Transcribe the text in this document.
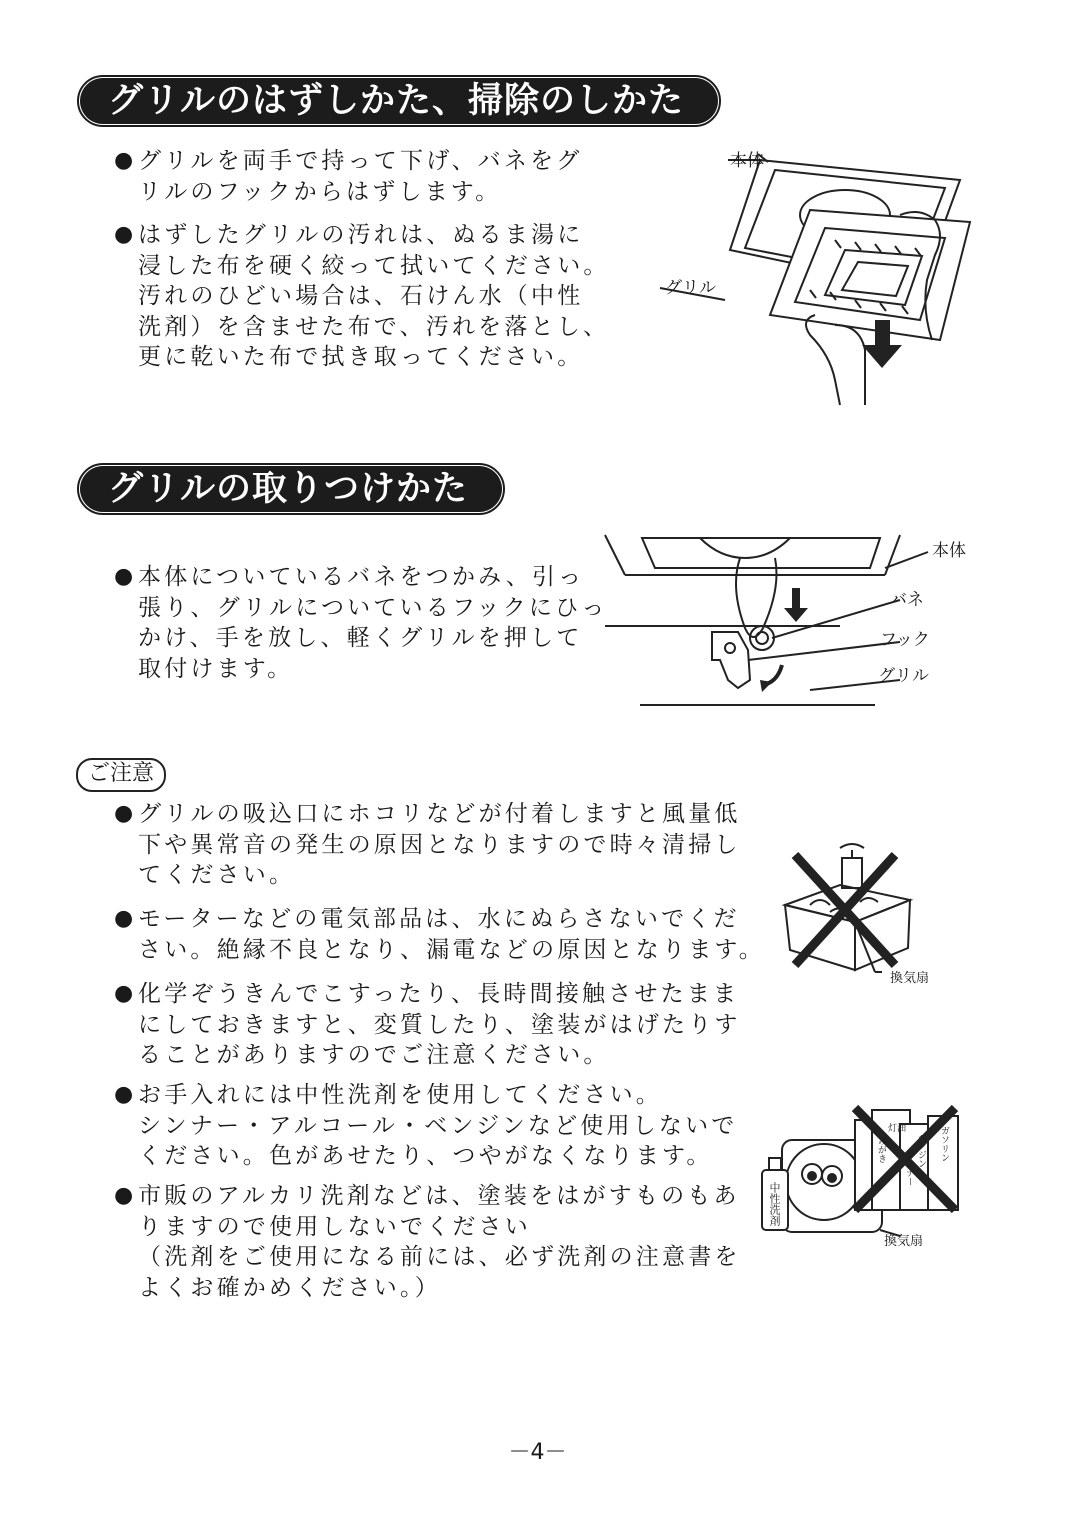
グリルのはずしかた、掃除のしかた
● グリルを両手で持って下げ、バネをグ
リルのフックからはずします。
● はずしたグリルの汚れは、ぬるま湯に
浸した布を硬く絞って拭いてください。
汚れのひどい場合は、石けん水（中性
洗剤）を含ませた布で、汚れを落とし、
更に乾いた布で拭き取ってください。
本体
グリル
グリルの取りつけかた
● 本体についているバネをつかみ、引っ
張り、グリルについているフックにひっ
かけ、手を放し、軽くグリルを押して
取付けます。
本体
バネ
フック
グリル
ご注意
● グリルの吸込口にホコリなどが付着しますと風量低
下や異常音の発生の原因となりますので時々清掃し
てください。
● モーターなどの電気部品は、水にぬらさないでくだ
さい。絶縁不良となり、漏電などの原因となります。
● 化学ぞうきんでこすったり、長時間接触させたまま
にしておきますと、変質したり、塗装がはげたりす
ることがありますのでご注意ください。
● お手入れには中性洗剤を使用してください。
シンナー・アルコール・ベンジンなど使用しないで
ください。色があせたり、つやがなくなります。
● 市販のアルカリ洗剤などは、塗装をはがすものもあ
りますので使用しないでください
（洗剤をご使用になる前には、必ず洗剤の注意書を
よくお確かめください。）
換気扇
中性洗剤
灯油
みがき
シンナー ベンジン ガソリン
換気扇
－4－
